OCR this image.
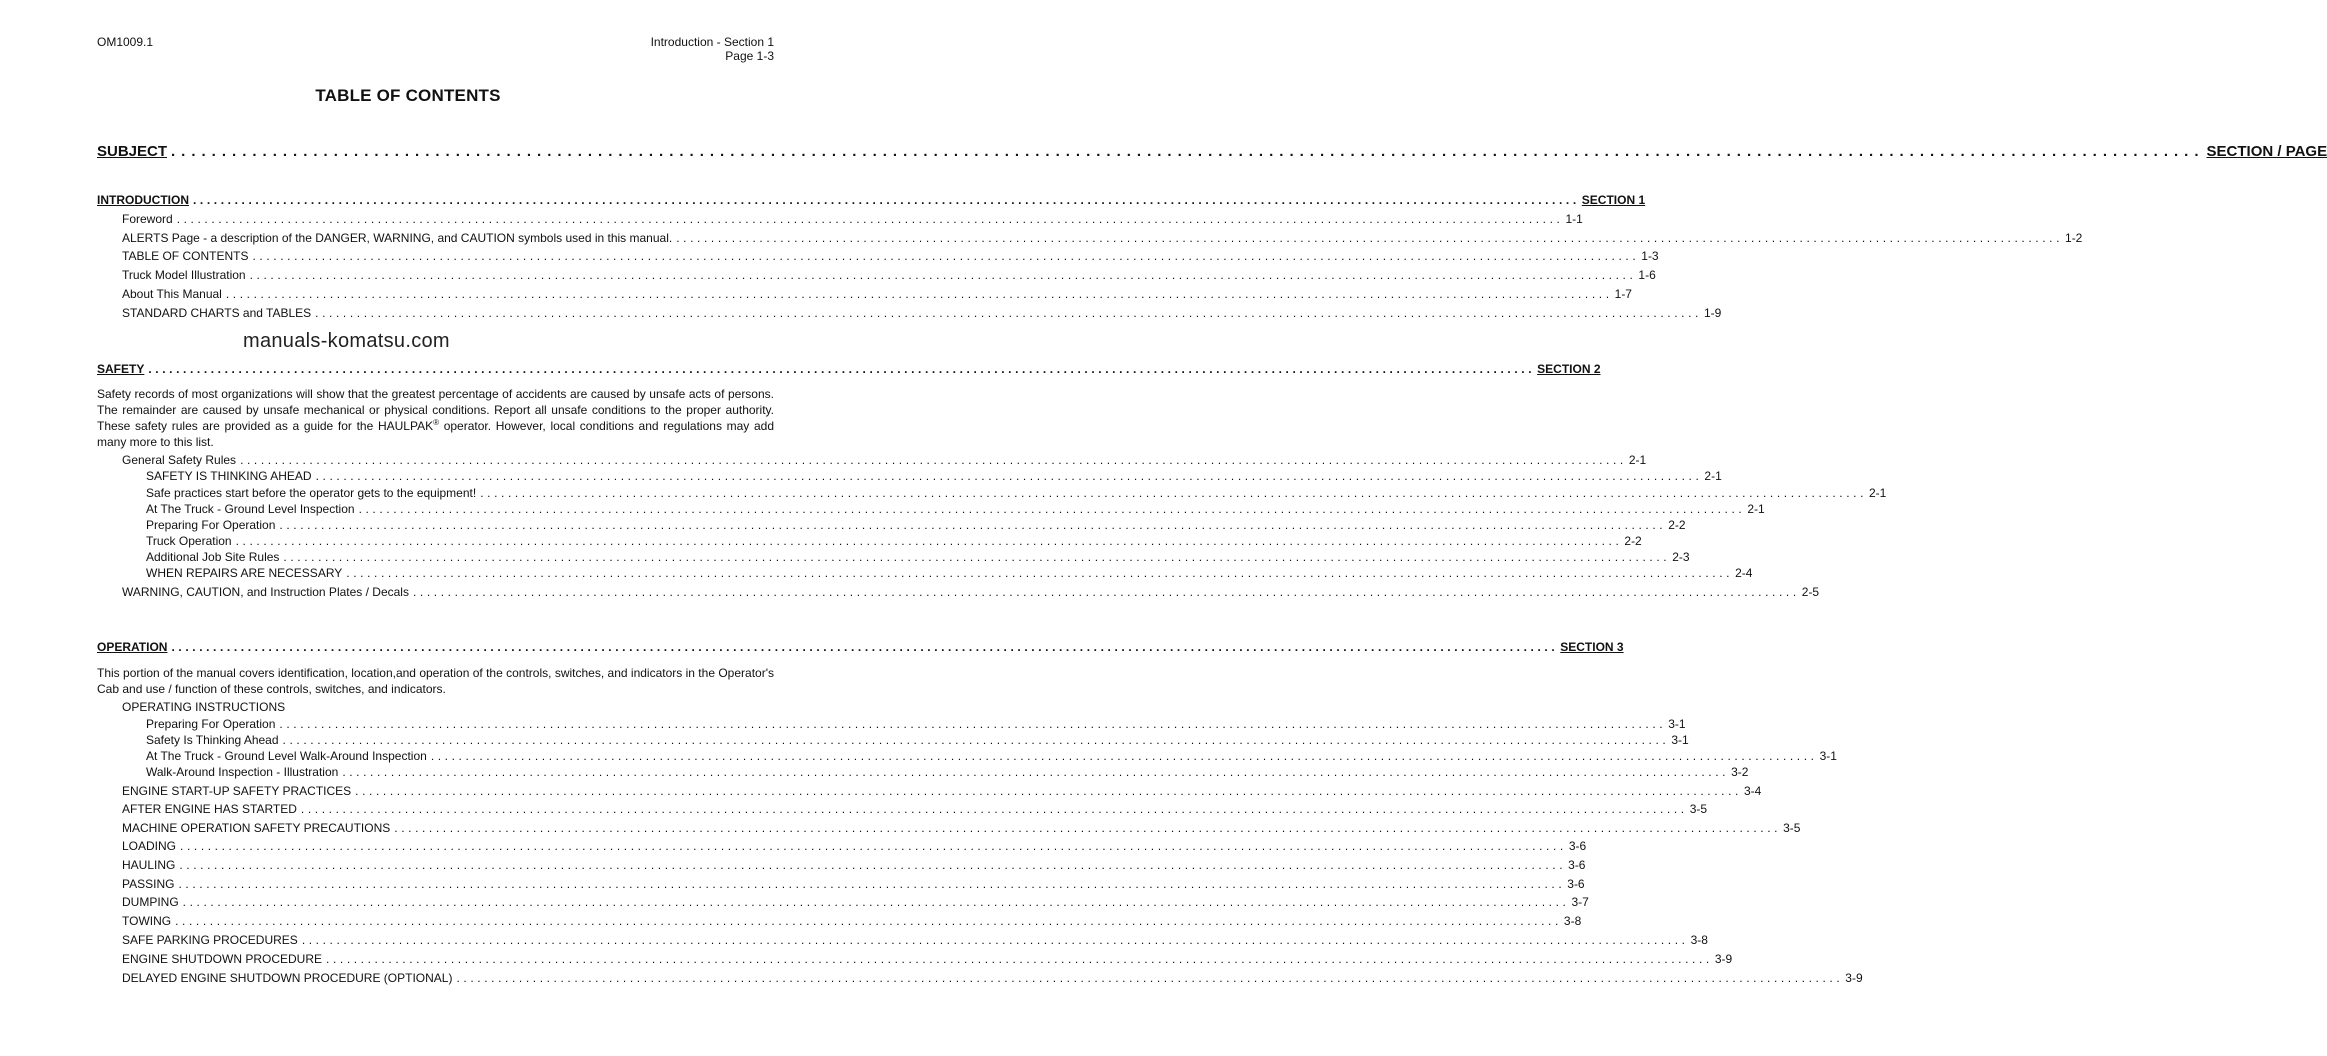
OM1009.1	Introduction - Section 1
Page 1-3
TABLE OF CONTENTS
SUBJECT ........................................................................................................................................................................................................ SECTION / PAGE
INTRODUCTION ........................................................................................................................................................................................................ SECTION 1
Foreword ........................................................................................................................................................................................................ 1-1
ALERTS Page - a description of the DANGER, WARNING, and CAUTION symbols used in this manual. ........................................................................................................................................................................................................ 1-2
TABLE OF CONTENTS ........................................................................................................................................................................................................ 1-3
Truck Model Illustration ........................................................................................................................................................................................................ 1-6
About This Manual ........................................................................................................................................................................................................ 1-7
STANDARD CHARTS and TABLES ........................................................................................................................................................................................................ 1-9
manuals-komatsu.com
SAFETY ........................................................................................................................................................................................................ SECTION 2
Safety records of most organizations will show that the greatest percentage of accidents are caused by unsafe acts of persons. The remainder are caused by unsafe mechanical or physical conditions. Report all unsafe conditions to the proper authority. These safety rules are provided as a guide for the HAULPAK® operator. However, local conditions and regulations may add many more to this list.
General Safety Rules ........................................................................................................................................................................................................ 2-1
SAFETY IS THINKING AHEAD ........................................................................................................................................................................................................ 2-1
Safe practices start before the operator gets to the equipment! ........................................................................................................................................................................................................ 2-1
At The Truck - Ground Level Inspection ........................................................................................................................................................................................................ 2-1
Preparing For Operation ........................................................................................................................................................................................................ 2-2
Truck Operation ........................................................................................................................................................................................................ 2-2
Additional Job Site Rules ........................................................................................................................................................................................................ 2-3
WHEN REPAIRS ARE NECESSARY ........................................................................................................................................................................................................ 2-4
WARNING, CAUTION, and Instruction Plates / Decals ........................................................................................................................................................................................................ 2-5
OPERATION ........................................................................................................................................................................................................ SECTION 3
This portion of the manual covers identification, location,and operation of the controls, switches, and indicators in the Operator's Cab and use / function of these controls, switches, and indicators.
OPERATING INSTRUCTIONS
Preparing For Operation ........................................................................................................................................................................................................ 3-1
Safety Is Thinking Ahead ........................................................................................................................................................................................................ 3-1
At The Truck - Ground Level Walk-Around Inspection ........................................................................................................................................................................................................ 3-1
Walk-Around Inspection - Illustration ........................................................................................................................................................................................................ 3-2
ENGINE START-UP SAFETY PRACTICES ........................................................................................................................................................................................................ 3-4
AFTER ENGINE HAS STARTED ........................................................................................................................................................................................................ 3-5
MACHINE OPERATION SAFETY PRECAUTIONS ........................................................................................................................................................................................................ 3-5
LOADING ........................................................................................................................................................................................................ 3-6
HAULING ........................................................................................................................................................................................................ 3-6
PASSING ........................................................................................................................................................................................................ 3-6
DUMPING ........................................................................................................................................................................................................ 3-7
TOWING ........................................................................................................................................................................................................ 3-8
SAFE PARKING PROCEDURES ........................................................................................................................................................................................................ 3-8
ENGINE SHUTDOWN PROCEDURE ........................................................................................................................................................................................................ 3-9
DELAYED ENGINE SHUTDOWN PROCEDURE (OPTIONAL) ........................................................................................................................................................................................................ 3-9
